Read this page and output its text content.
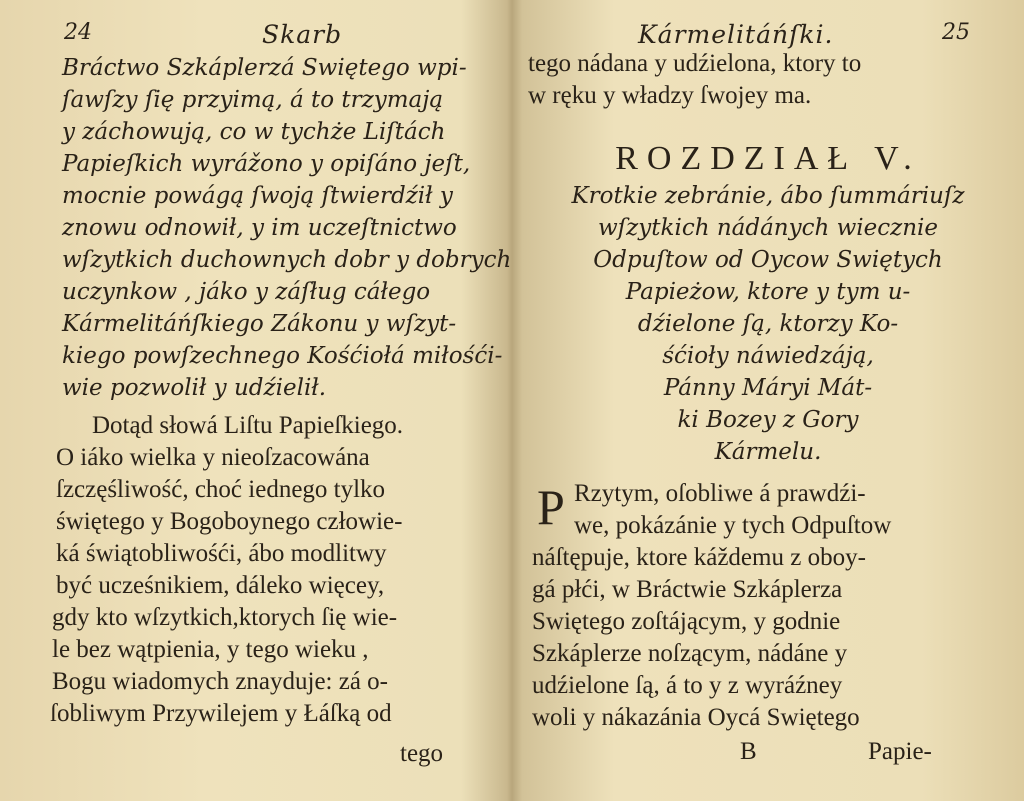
24	Skarb
Bráctwo Szkáplerzá Swiętego wpi-
ſawſzy ſię przyimą, á to trzymają
y záchowują, co w tychże Liſtách
Papieſkich wyrážono y opiſáno jeſt,
mocnie powágą ſwoją ſtwierdźił y
znowu odnowił, y im uczeſtnictwo
wſzytkich duchownych dobr y dobrych
uczynkow , jáko y záſług cáłego
Kármelitáńſkiego Zákonu y wſzyt-
kiego powſzechnego Kośćiołá miłośći-
wie pozwolił y udźielił.
Dotąd słowá Liſtu Papieſkiego.
O iáko wielka y nieoſzacowána
ſzczęśliwość, choć iednego tylko
świętego y Bogoboynego człowie-
ká świątobliwośći, ábo modlitwy
być ucześnikiem, dáleko więcey,
gdy kto wſzytkich,ktorych ſię wie-
le bez wątpienia, y tego wieku ,
Bogu wiadomych znayduje: zá o-
ſobliwym Przywilejem y Łáſką od
tego
Kármelitáńſki.	25
tego nádana y udźielona, ktory to
w ręku y władzy ſwojey ma.
ROZDZIAŁ V.
Krotkie zebránie, ábo ſummáriuſz
wſzytkich nádánych wiecznie
Odpuſtow od Oycow Swiętych
Papieżow, ktore y tym u-
dźielone ſą, ktorzy Ko-
śćioły náwiedzáją,
Pánny Máryi Mát-
ki Bozey z Gory
Kármelu.
P Rzytym, oſobliwe á prawdźi-
we, pokázánie y tych Odpuſtow
náſtępuje, ktore káždemu z oboy-
gá płći, w Bráctwie Szkáplerza
Swiętego zoſtájącym, y godnie
Szkáplerze noſzącym, nádáne y
udźielone ſą, á to y z wyráźney
woli y nákazánia Oycá Swiętego
B	Papie-
